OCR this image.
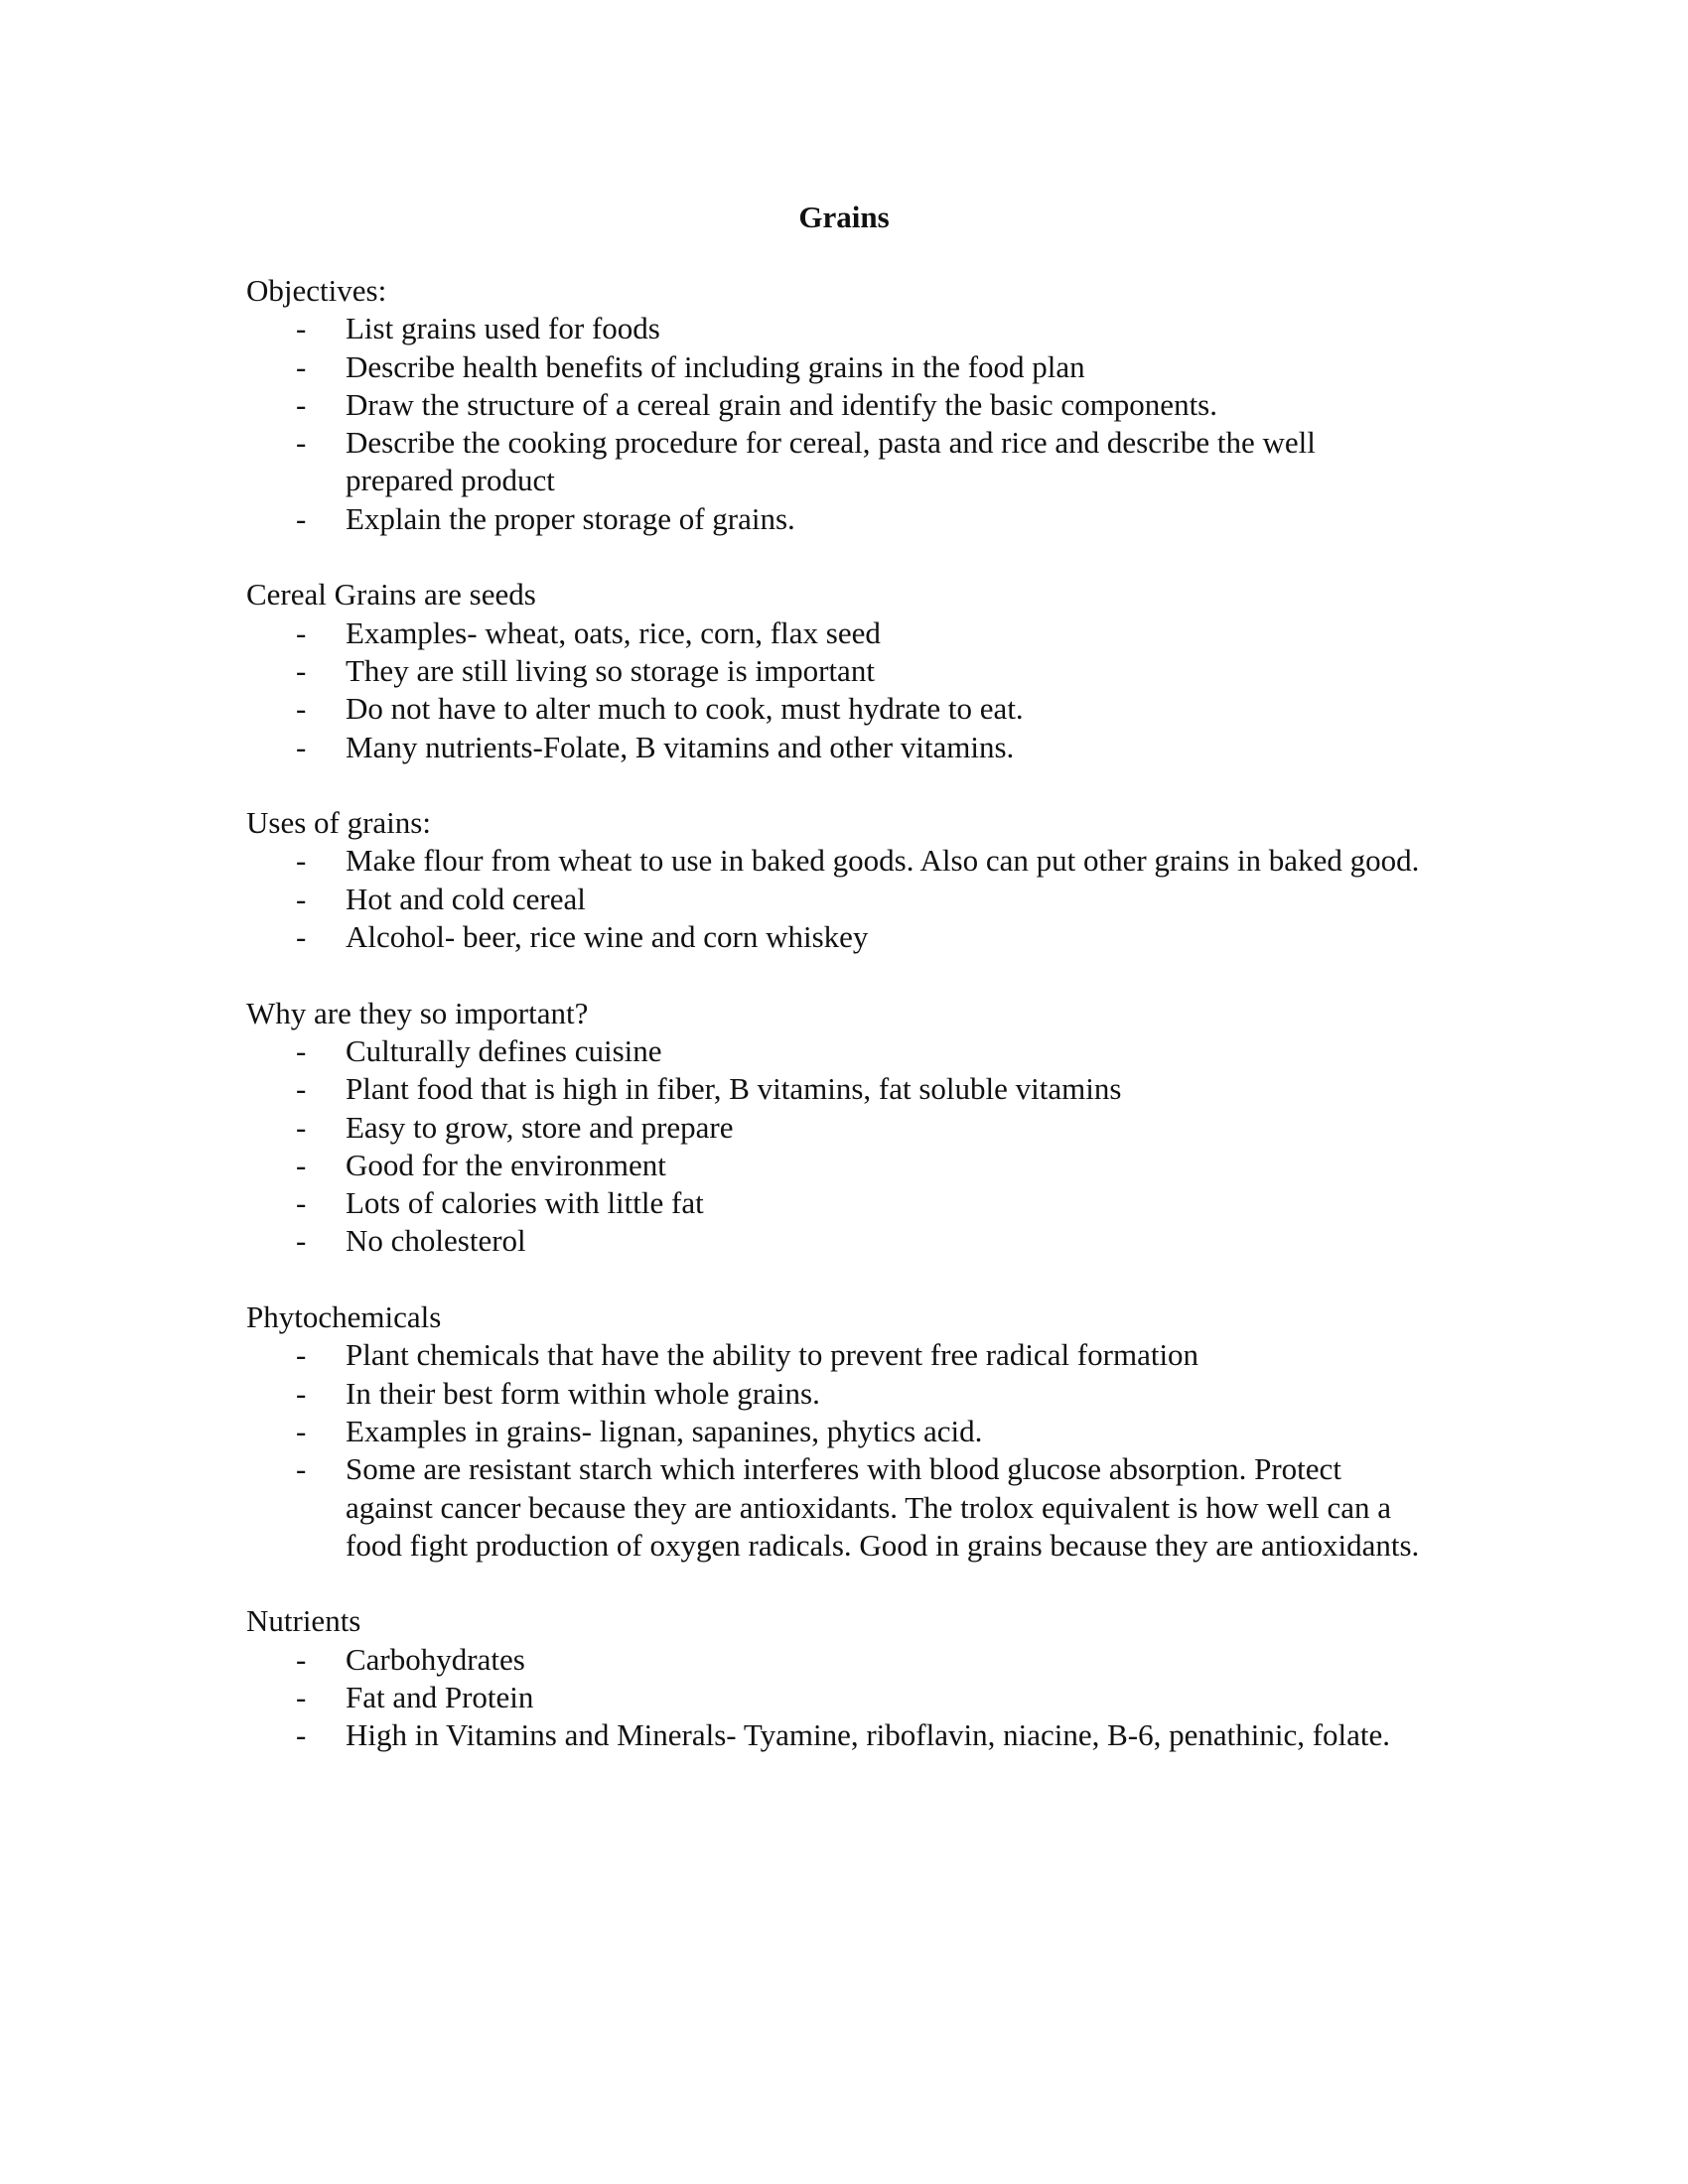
Grains
Objectives:
- List grains used for foods
- Describe health benefits of including grains in the food plan
- Draw the structure of a cereal grain and identify the basic components.
- Describe the cooking procedure for cereal, pasta and rice and describe the well prepared product
- Explain the proper storage of grains.
Cereal Grains are seeds
- Examples- wheat, oats, rice, corn, flax seed
- They are still living so storage is important
- Do not have to alter much to cook, must hydrate to eat.
- Many nutrients-Folate, B vitamins and other vitamins.
Uses of grains:
- Make flour from wheat to use in baked goods. Also can put other grains in baked good.
- Hot and cold cereal
- Alcohol- beer, rice wine and corn whiskey
Why are they so important?
- Culturally defines cuisine
- Plant food that is high in fiber, B vitamins, fat soluble vitamins
- Easy to grow, store and prepare
- Good for the environment
- Lots of calories with little fat
- No cholesterol
Phytochemicals
- Plant chemicals that have the ability to prevent free radical formation
- In their best form within whole grains.
- Examples in grains- lignan, sapanines, phytics acid.
- Some are resistant starch which interferes with blood glucose absorption. Protect against cancer because they are antioxidants. The trolox equivalent is how well can a food fight production of oxygen radicals. Good in grains because they are antioxidants.
Nutrients
- Carbohydrates
- Fat and Protein
- High in Vitamins and Minerals- Tyamine, riboflavin, niacine, B-6, penathinic, folate.
